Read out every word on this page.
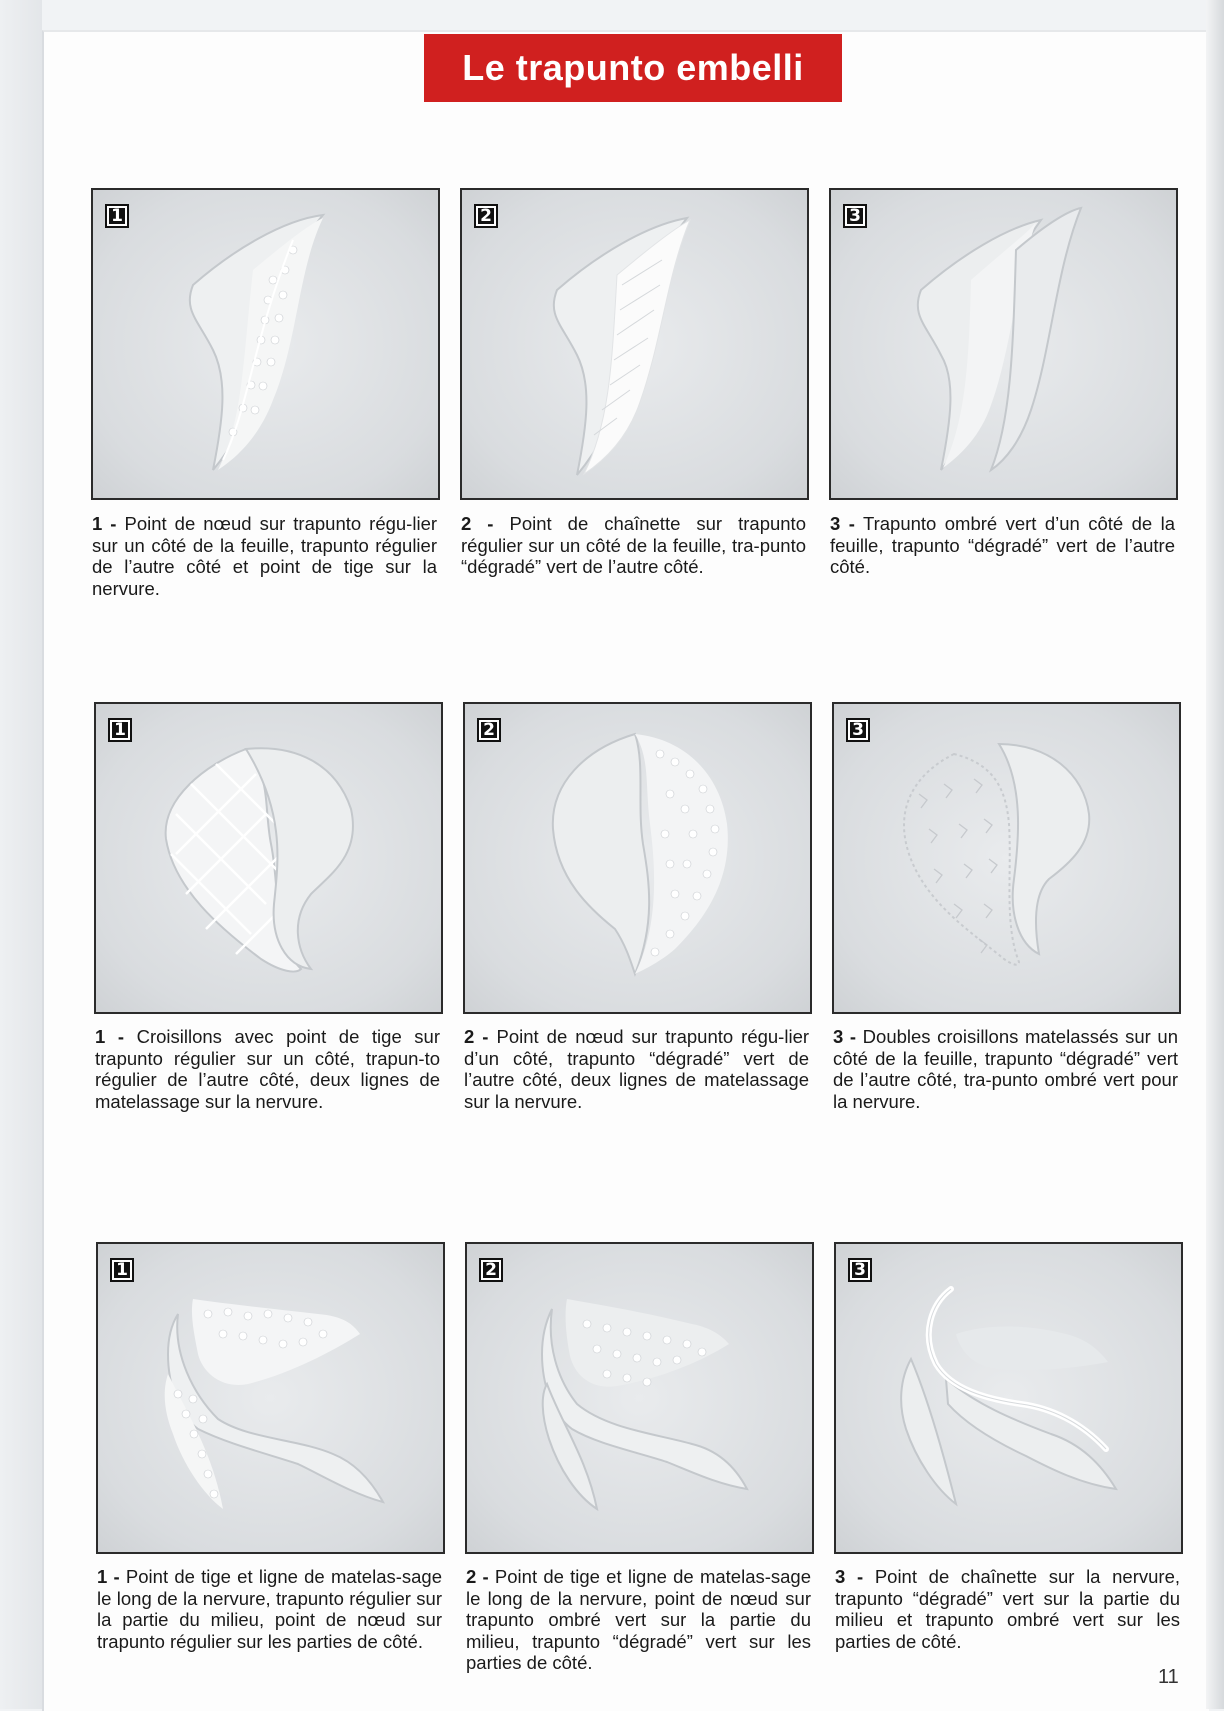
Le trapunto embelli
1
1 - Point de nœud sur trapunto régu-lier sur un côté de la feuille, trapunto régulier de l’autre côté et point de tige sur la nervure.
2
2 - Point de chaînette sur trapunto régulier sur un côté de la feuille, tra-punto “dégradé” vert de l’autre côté.
3
3 - Trapunto ombré vert d’un côté de la feuille, trapunto “dégradé” vert de l’autre côté.
1
1 - Croisillons avec point de tige sur trapunto régulier sur un côté, trapun-to régulier de l’autre côté, deux lignes de matelassage sur la nervure.
2
2 - Point de nœud sur trapunto régu-lier d’un côté, trapunto “dégradé” vert de l’autre côté, deux lignes de matelassage sur la nervure.
3
3 - Doubles croisillons matelassés sur un côté de la feuille, trapunto “dégradé” vert de l’autre côté, tra-punto ombré vert pour la nervure.
1
1 - Point de tige et ligne de matelas-sage le long de la nervure, trapunto régulier sur la partie du milieu, point de nœud sur trapunto régulier sur les parties de côté.
2
2 - Point de tige et ligne de matelas-sage le long de la nervure, point de nœud sur trapunto ombré vert sur la partie du milieu, trapunto “dégradé” vert sur les parties de côté.
3
3 - Point de chaînette sur la nervure, trapunto “dégradé” vert sur la partie du milieu et trapunto ombré vert sur les parties de côté.
11
